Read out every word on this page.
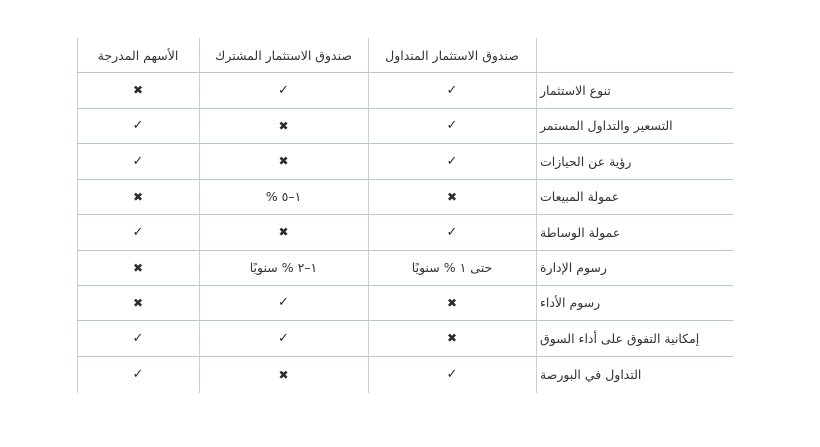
صندوق الاستثمار المتداول
صندوق الاستثمار المشترك
الأسهم المدرجة
تنوع الاستثمار
✓
✓
✖
التسعير والتداول المستمر
✓
✖
✓
رؤية عن الحيازات
✓
✖
✓
عمولة المبيعات
✖
١–٥ %
✖
عمولة الوساطة
✓
✖
✓
رسوم الإدارة
حتى ١ % سنويًا
١–٢ % سنويًا
✖
رسوم الأداء
✖
✓
✖
إمكانية التفوق على أداء السوق
✖
✓
✓
التداول في البورصة
✓
✖
✓
